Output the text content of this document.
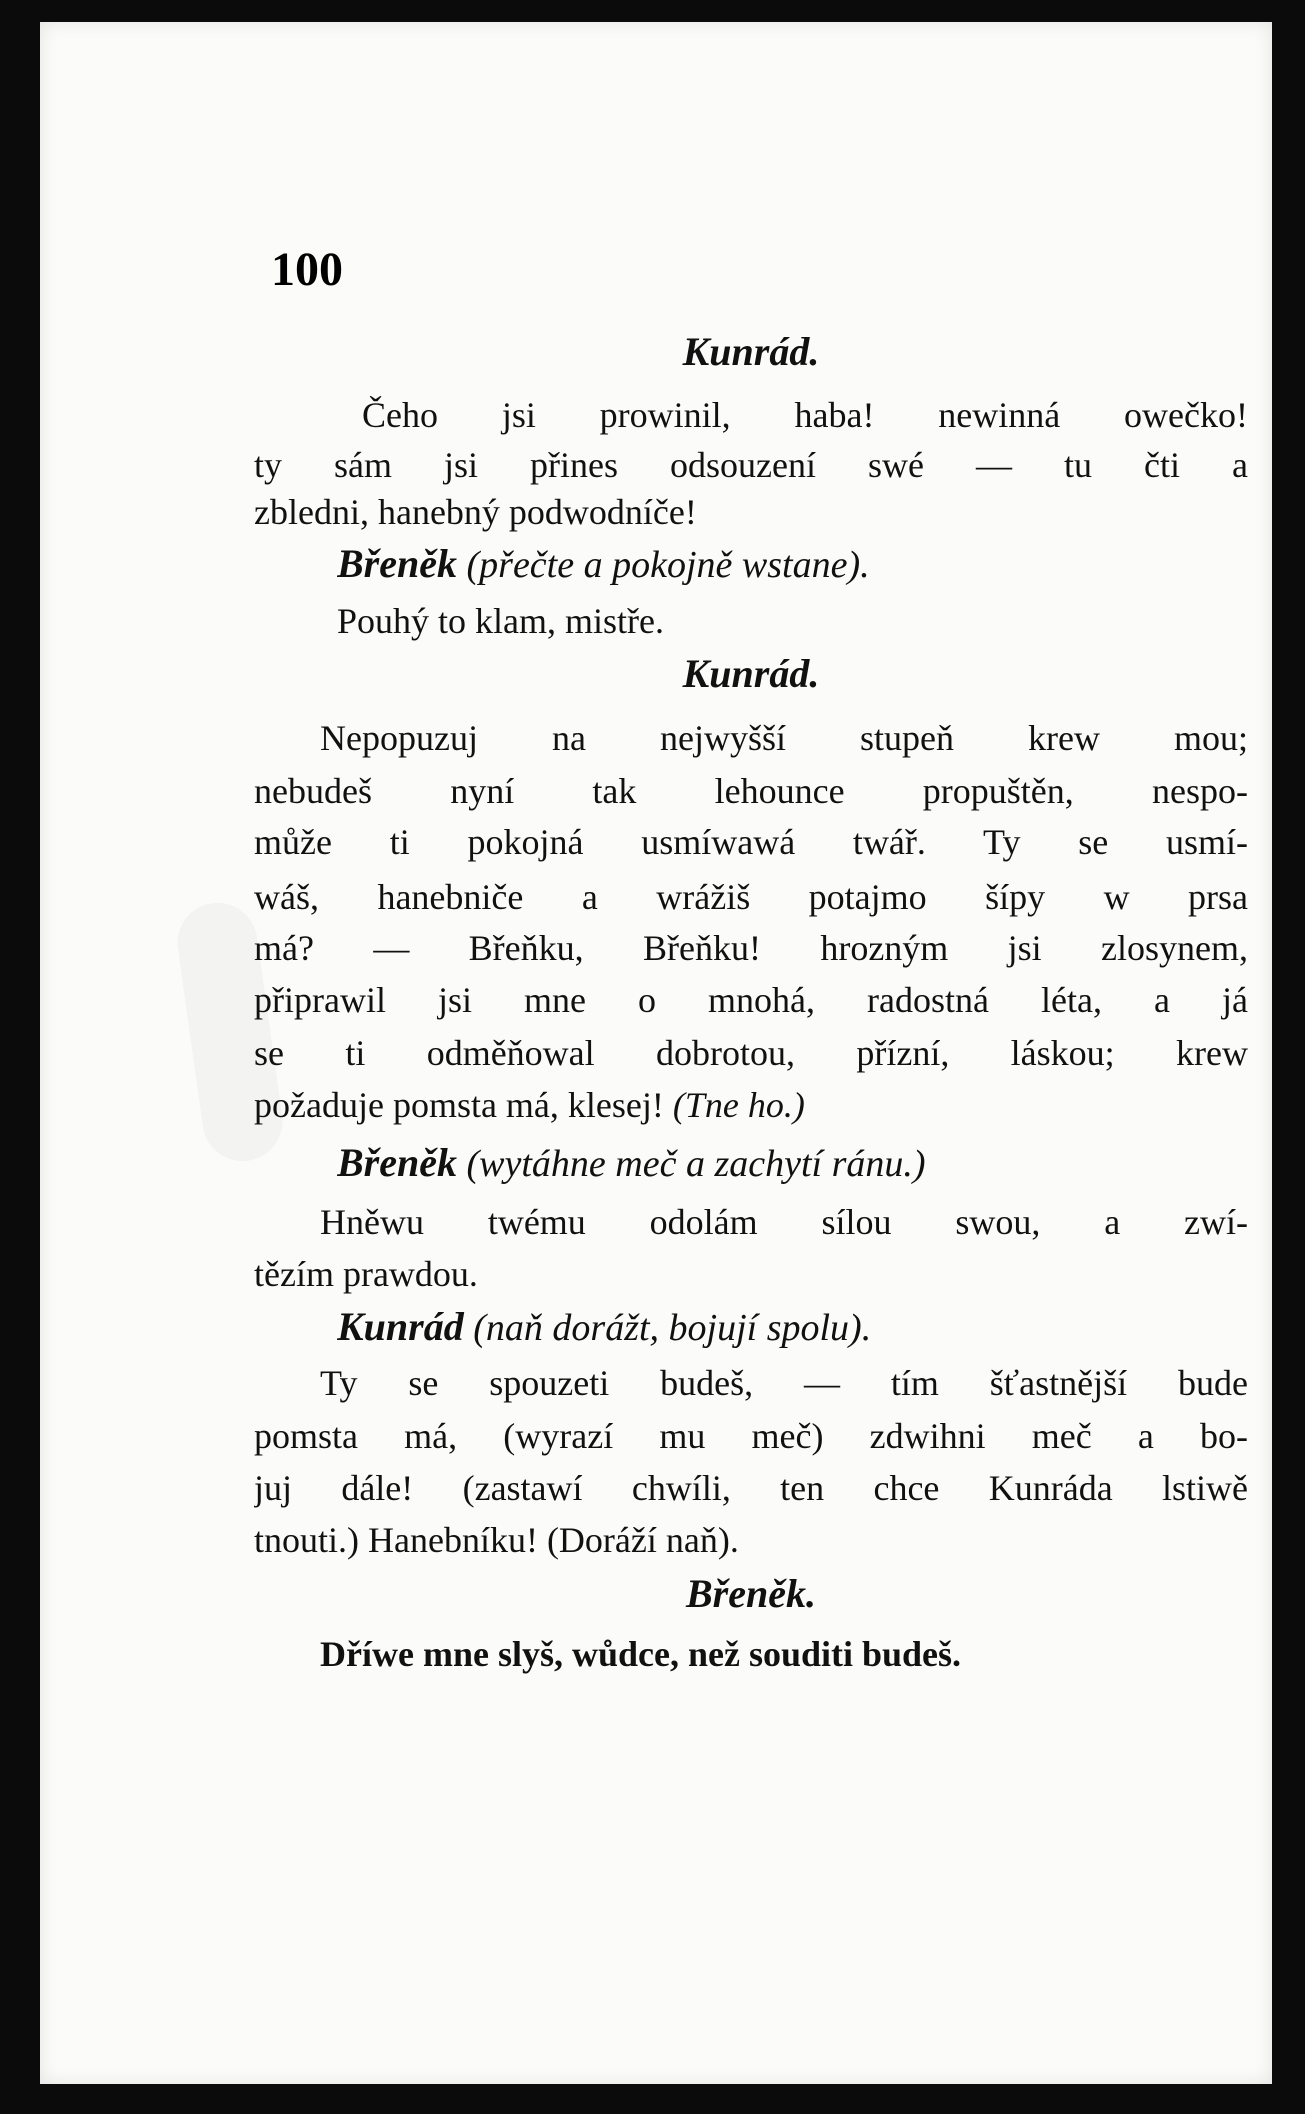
100
Kunrád.
Čeho jsi prowinil, haba! newinná owečko!
ty sám jsi přines odsouzení swé — tu čti a
zbledni, hanebný podwodníče!
Břeněk (přečte a pokojně wstane).
Pouhý to klam, mistře.
Kunrád.
Nepopuzuj na nejwyšší stupeň krew mou;
nebudeš nyní tak lehounce propuštěn, nespo-
může ti pokojná usmíwawá twář. Ty se usmí-
wáš, hanebniče a wrážiš potajmo šípy w prsa
má? — Břeňku, Břeňku! hrozným jsi zlosynem,
připrawil jsi mne o mnohá, radostná léta, a já
se ti odměňowal dobrotou, přízní, láskou; krew
požaduje pomsta má, klesej! (Tne ho.)
Břeněk (wytáhne meč a zachytí ránu.)
Hněwu twému odolám sílou swou, a zwí-
tězím prawdou.
Kunrád (naň dorážt, bojují spolu).
Ty se spouzeti budeš, — tím šťastnější bude
pomsta má, (wyrazí mu meč) zdwihni meč a bo-
juj dále! (zastawí chwíli, ten chce Kunráda lstiwě
tnouti.) Hanebníku! (Doráží naň).
Břeněk.
Dříwe mne slyš, wůdce, než souditi budeš.
